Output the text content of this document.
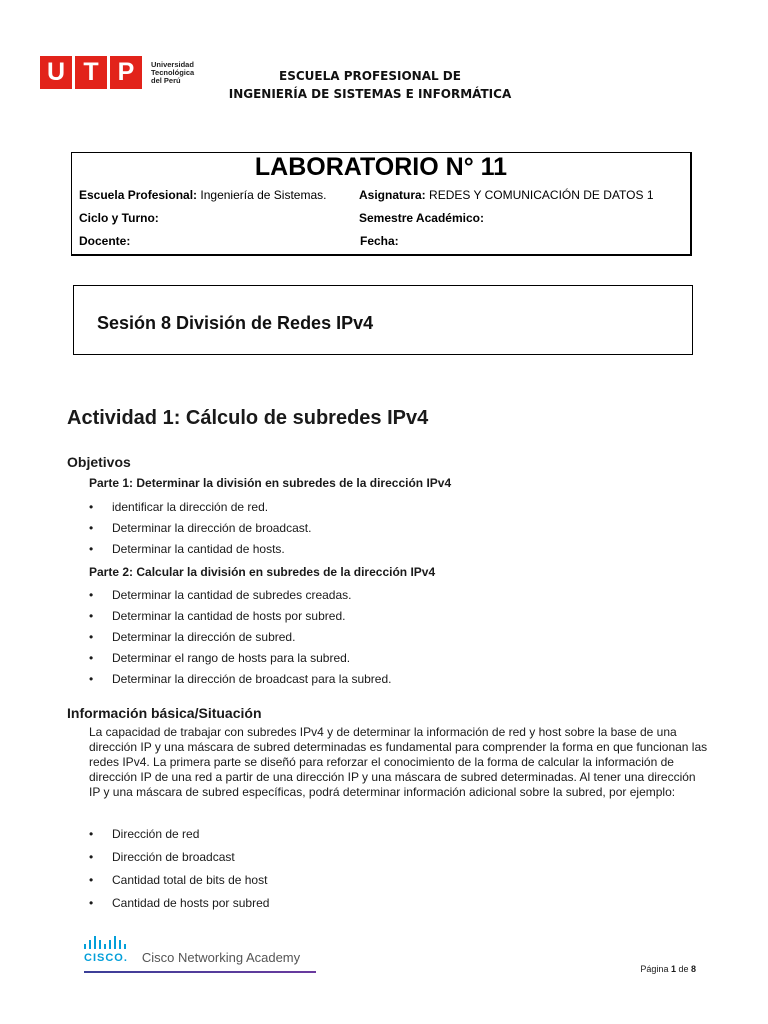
U T P	Universidad
Tecnológica
del Perú	ESCUELA PROFESIONAL DE
INGENIERÍA DE SISTEMAS E INFORMÁTICA
LABORATORIO N° 11
Escuela Profesional: Ingeniería de Sistemas.	Asignatura: REDES Y COMUNICACIÓN DE DATOS 1
Ciclo y Turno:	Semestre Académico:
Docente:	Fecha:
Sesión 8 División de Redes IPv4
Actividad 1: Cálculo de subredes IPv4
Objetivos
Parte 1: Determinar la división en subredes de la dirección IPv4
• identificar la dirección de red.
• Determinar la dirección de broadcast.
• Determinar la cantidad de hosts.
Parte 2: Calcular la división en subredes de la dirección IPv4
• Determinar la cantidad de subredes creadas.
• Determinar la cantidad de hosts por subred.
• Determinar la dirección de subred.
• Determinar el rango de hosts para la subred.
• Determinar la dirección de broadcast para la subred.
Información básica/Situación
La capacidad de trabajar con subredes IPv4 y de determinar la información de red y host sobre la base de una dirección IP y una máscara de subred determinadas es fundamental para comprender la forma en que funcionan las redes IPv4. La primera parte se diseñó para reforzar el conocimiento de la forma de calcular la información de dirección IP de una red a partir de una dirección IP y una máscara de subred determinadas. Al tener una dirección IP y una máscara de subred específicas, podrá determinar información adicional sobre la subred, por ejemplo:
• Dirección de red
• Dirección de broadcast
• Cantidad total de bits de host
• Cantidad de hosts por subred
CISCO. Cisco Networking Academy
Página 1 de 8
